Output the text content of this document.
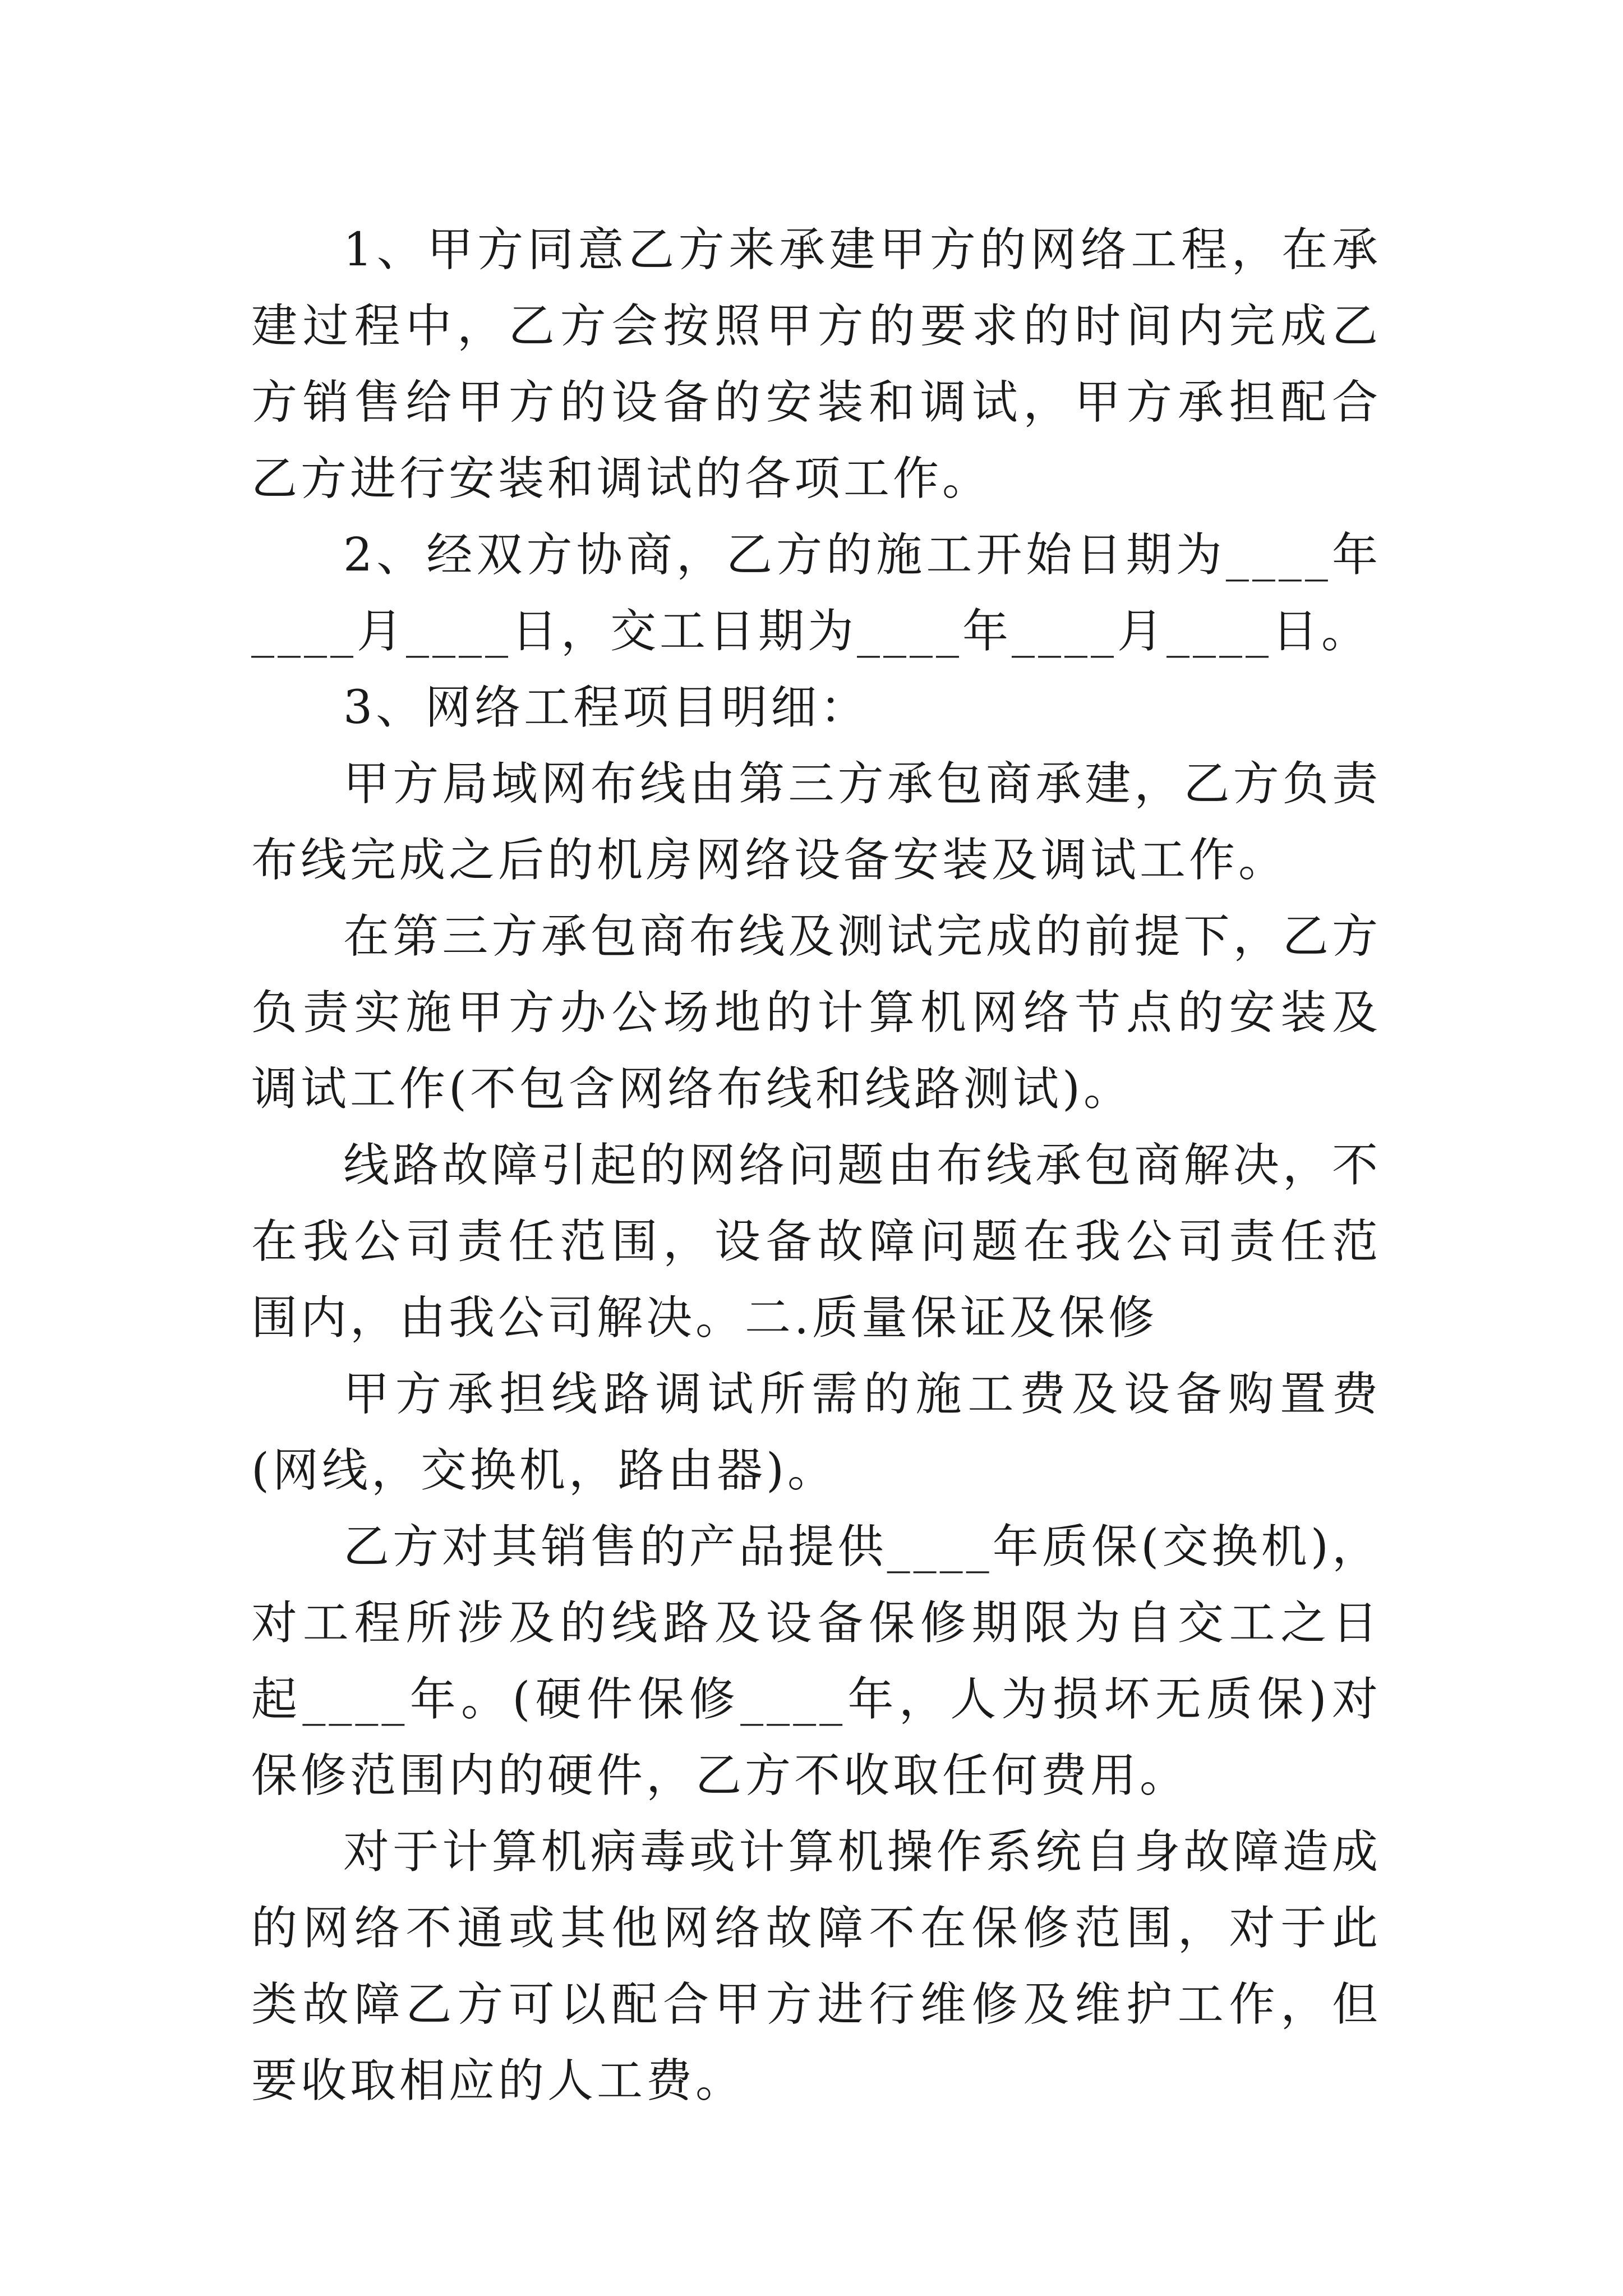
1、甲方同意乙方来承建甲方的网络工程，在承建过程中，乙方会按照甲方的要求的时间内完成乙方销售给甲方的设备的安装和调试，甲方承担配合乙方进行安装和调试的各项工作。

2、经双方协商，乙方的施工开始日期为____年____月____日，交工日期为____年____月____日。

3、网络工程项目明细：

甲方局域网布线由第三方承包商承建，乙方负责布线完成之后的机房网络设备安装及调试工作。

在第三方承包商布线及测试完成的前提下，乙方负责实施甲方办公场地的计算机网络节点的安装及调试工作(不包含网络布线和线路测试)。

线路故障引起的网络问题由布线承包商解决，不在我公司责任范围，设备故障问题在我公司责任范围内，由我公司解决。二.质量保证及保修

甲方承担线路调试所需的施工费及设备购置费(网线，交换机，路由器)。

乙方对其销售的产品提供____年质保(交换机)，对工程所涉及的线路及设备保修期限为自交工之日起____年。(硬件保修____年，人为损坏无质保)对保修范围内的硬件，乙方不收取任何费用。

对于计算机病毒或计算机操作系统自身故障造成的网络不通或其他网络故障不在保修范围，对于此类故障乙方可以配合甲方进行维修及维护工作，但要收取相应的人工费。
